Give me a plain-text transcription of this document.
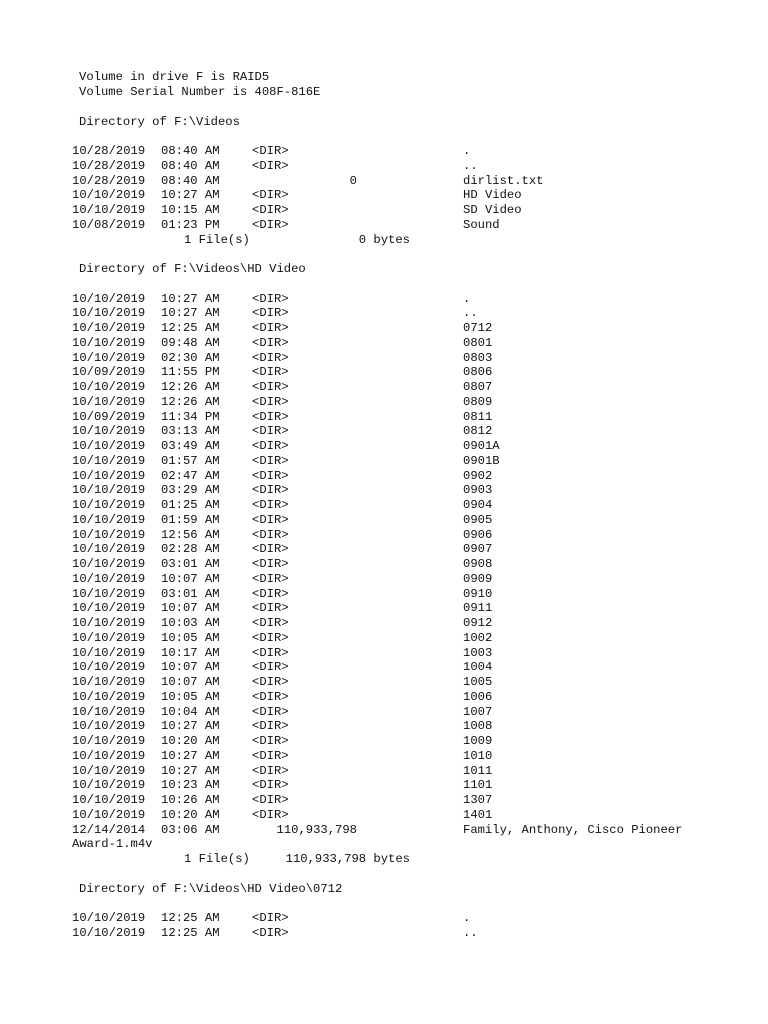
Volume in drive F is RAID5
Volume Serial Number is 408F-816E
Directory of F:\Videos
10/28/2019 08:40 AM	<DIR>	.
10/28/2019 08:40 AM	<DIR>	..
10/28/2019 08:40 AM	0	dirlist.txt
10/10/2019 10:27 AM	<DIR>	HD Video
10/10/2019 10:15 AM	<DIR>	SD Video
10/08/2019 01:23 PM	<DIR>	Sound
1 File(s)	0 bytes
Directory of F:\Videos\HD Video
10/10/2019 10:27 AM	<DIR>	.
10/10/2019 10:27 AM	<DIR>	..
10/10/2019 12:25 AM	<DIR>	0712
10/10/2019 09:48 AM	<DIR>	0801
10/10/2019 02:30 AM	<DIR>	0803
10/09/2019 11:55 PM	<DIR>	0806
10/10/2019 12:26 AM	<DIR>	0807
10/10/2019 12:26 AM	<DIR>	0809
10/09/2019 11:34 PM	<DIR>	0811
10/10/2019 03:13 AM	<DIR>	0812
10/10/2019 03:49 AM	<DIR>	0901A
10/10/2019 01:57 AM	<DIR>	0901B
10/10/2019 02:47 AM	<DIR>	0902
10/10/2019 03:29 AM	<DIR>	0903
10/10/2019 01:25 AM	<DIR>	0904
10/10/2019 01:59 AM	<DIR>	0905
10/10/2019 12:56 AM	<DIR>	0906
10/10/2019 02:28 AM	<DIR>	0907
10/10/2019 03:01 AM	<DIR>	0908
10/10/2019 10:07 AM	<DIR>	0909
10/10/2019 03:01 AM	<DIR>	0910
10/10/2019 10:07 AM	<DIR>	0911
10/10/2019 10:03 AM	<DIR>	0912
10/10/2019 10:05 AM	<DIR>	1002
10/10/2019 10:17 AM	<DIR>	1003
10/10/2019 10:07 AM	<DIR>	1004
10/10/2019 10:07 AM	<DIR>	1005
10/10/2019 10:05 AM	<DIR>	1006
10/10/2019 10:04 AM	<DIR>	1007
10/10/2019 10:27 AM	<DIR>	1008
10/10/2019 10:20 AM	<DIR>	1009
10/10/2019 10:27 AM	<DIR>	1010
10/10/2019 10:27 AM	<DIR>	1011
10/10/2019 10:23 AM	<DIR>	1101
10/10/2019 10:26 AM	<DIR>	1307
10/10/2019 10:20 AM	<DIR>	1401
12/14/2014 03:06 AM	110,933,798	Family, Anthony, Cisco Pioneer
Award-1.m4v
1 File(s)	110,933,798 bytes
Directory of F:\Videos\HD Video\0712
10/10/2019 12:25 AM	<DIR>	.
10/10/2019 12:25 AM	<DIR>	..
